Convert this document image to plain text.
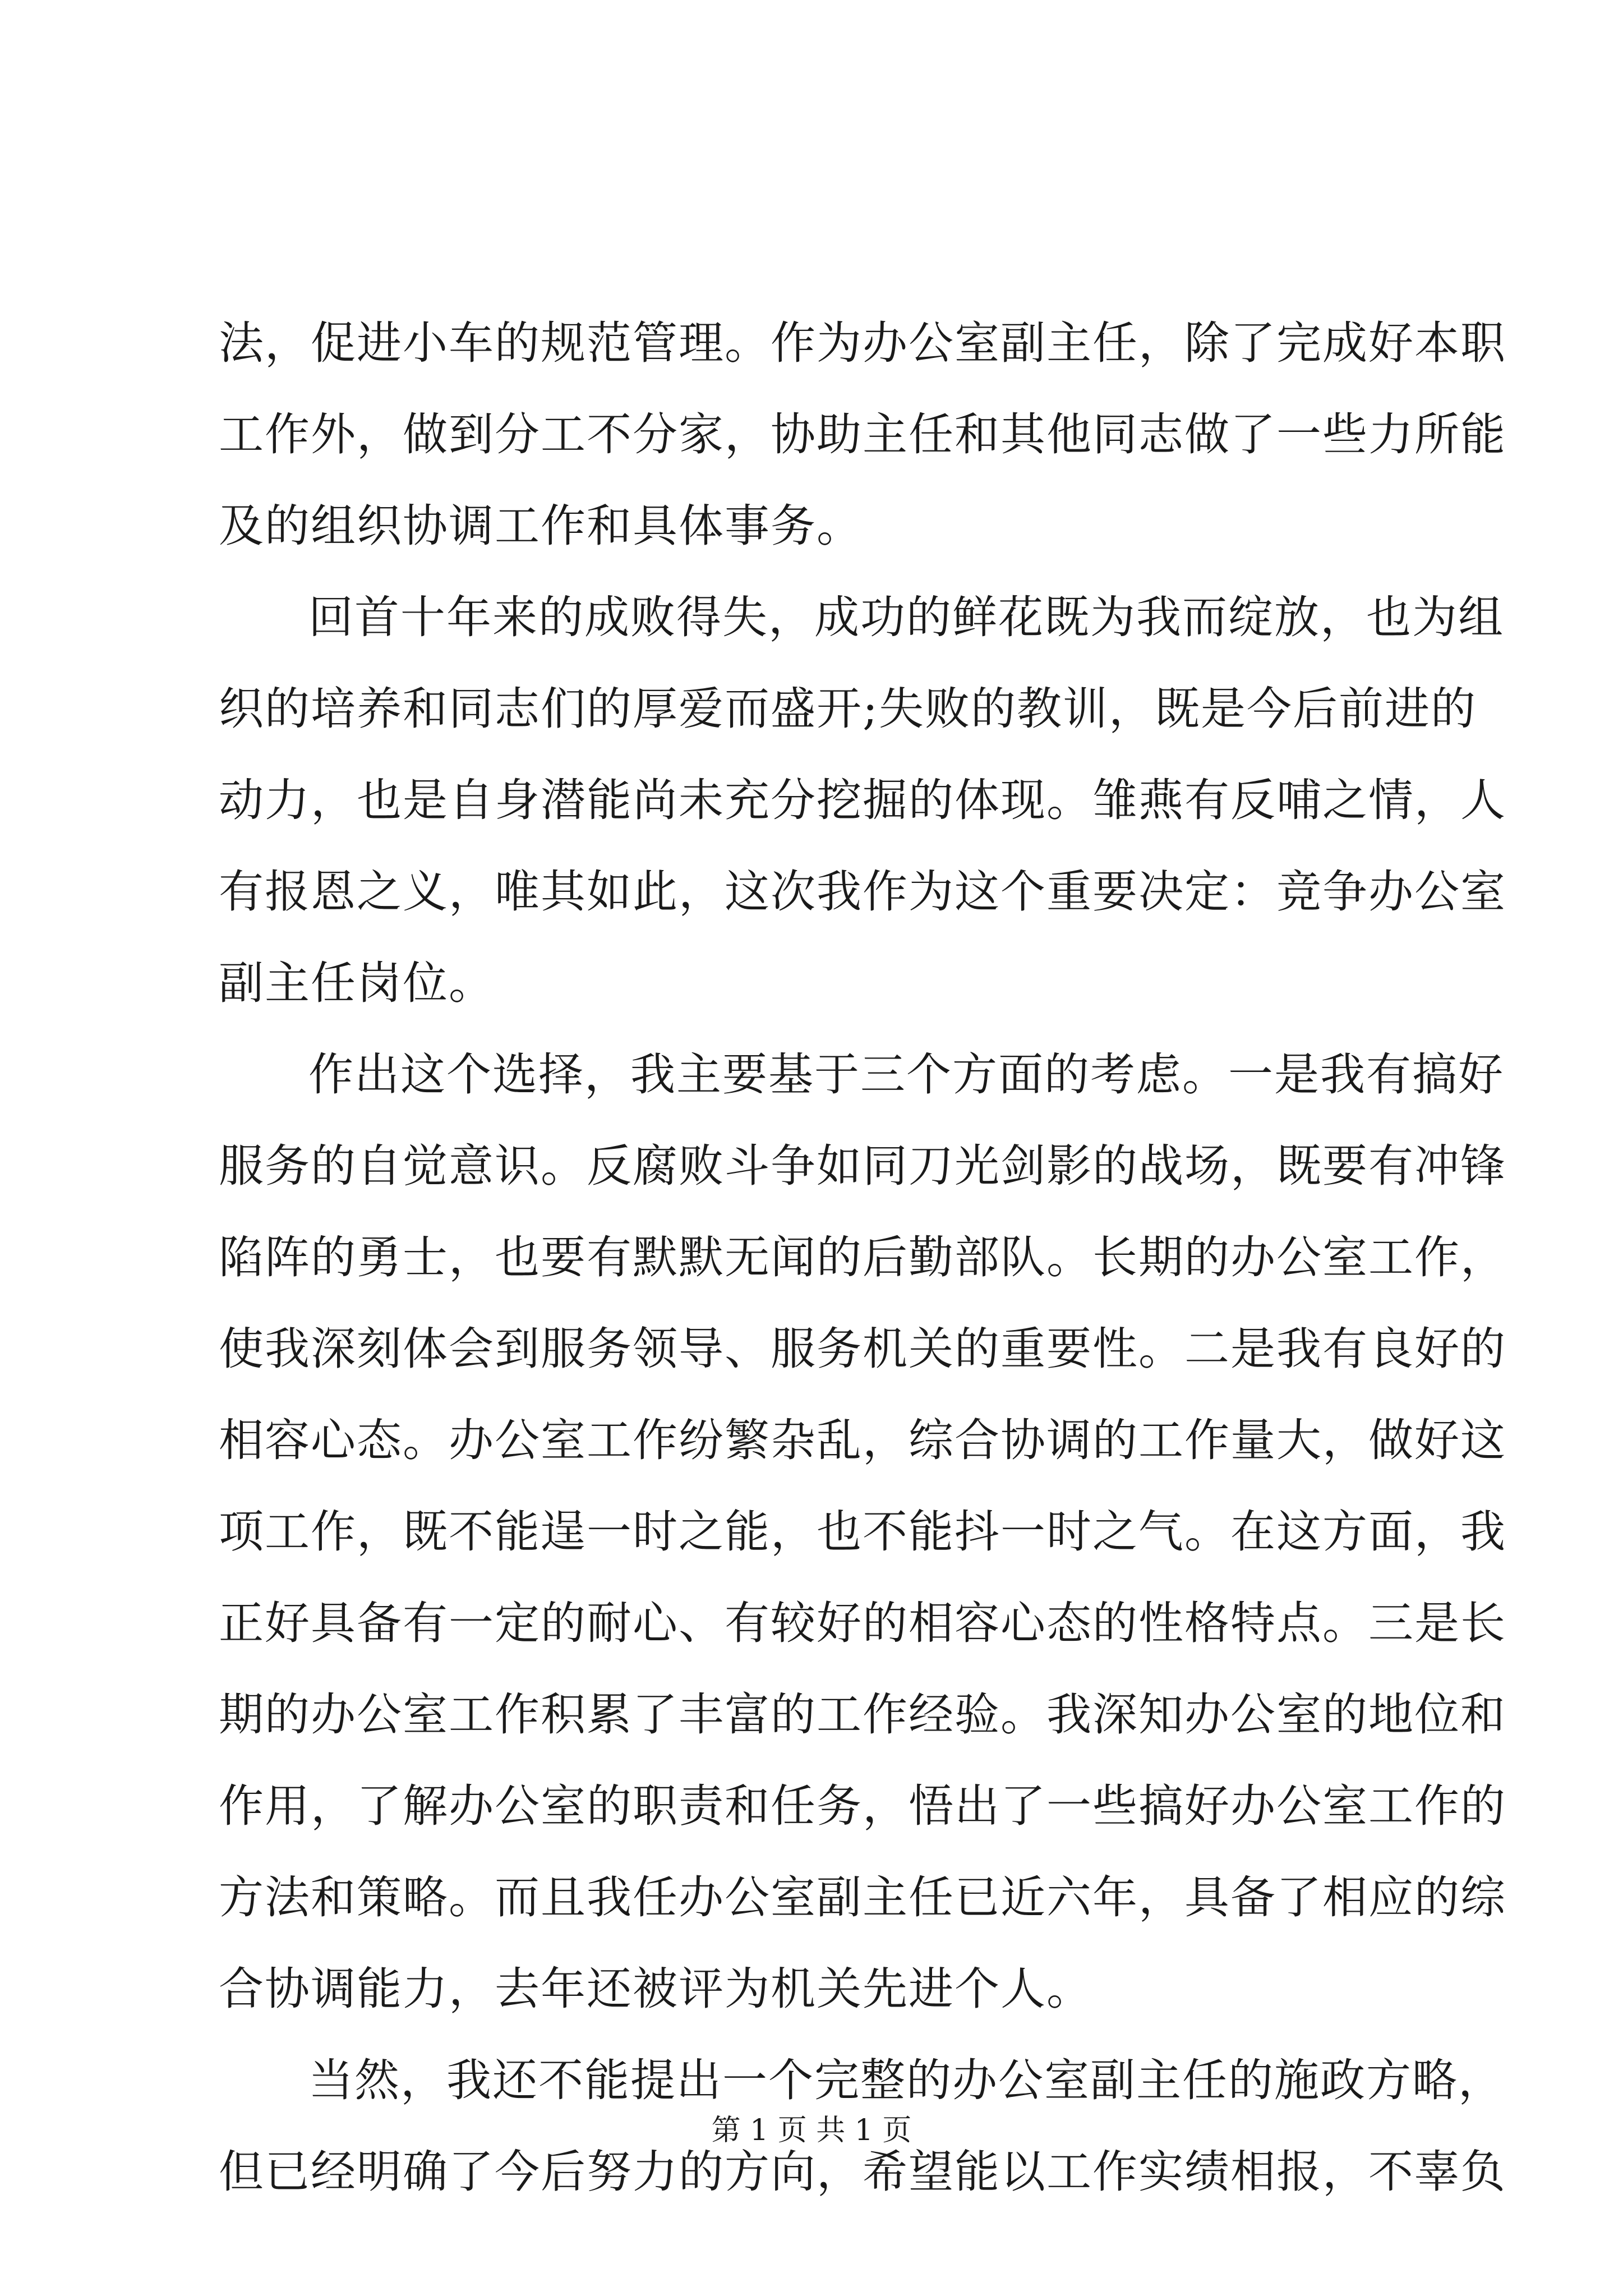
法，促进小车的规范管理。作为办公室副主任，除了完成好本职
工作外，做到分工不分家，协助主任和其他同志做了一些力所能
及的组织协调工作和具体事务。

回首十年来的成败得失，成功的鲜花既为我而绽放，也为组
织的培养和同志们的厚爱而盛开;失败的教训，既是今后前进的
动力，也是自身潜能尚未充分挖掘的体现。雏燕有反哺之情，人
有报恩之义，唯其如此，这次我作为这个重要决定：竞争办公室
副主任岗位。

作出这个选择，我主要基于三个方面的考虑。一是我有搞好
服务的自觉意识。反腐败斗争如同刀光剑影的战场，既要有冲锋
陷阵的勇士，也要有默默无闻的后勤部队。长期的办公室工作，
使我深刻体会到服务领导、服务机关的重要性。二是我有良好的
相容心态。办公室工作纷繁杂乱，综合协调的工作量大，做好这
项工作，既不能逞一时之能，也不能抖一时之气。在这方面，我
正好具备有一定的耐心、有较好的相容心态的性格特点。三是长
期的办公室工作积累了丰富的工作经验。我深知办公室的地位和
作用，了解办公室的职责和任务，悟出了一些搞好办公室工作的
方法和策略。而且我任办公室副主任已近六年，具备了相应的综
合协调能力，去年还被评为机关先进个人。

当然，我还不能提出一个完整的办公室副主任的施政方略，
但已经明确了今后努力的方向，希望能以工作实绩相报，不辜负

第 1 页 共 1 页
